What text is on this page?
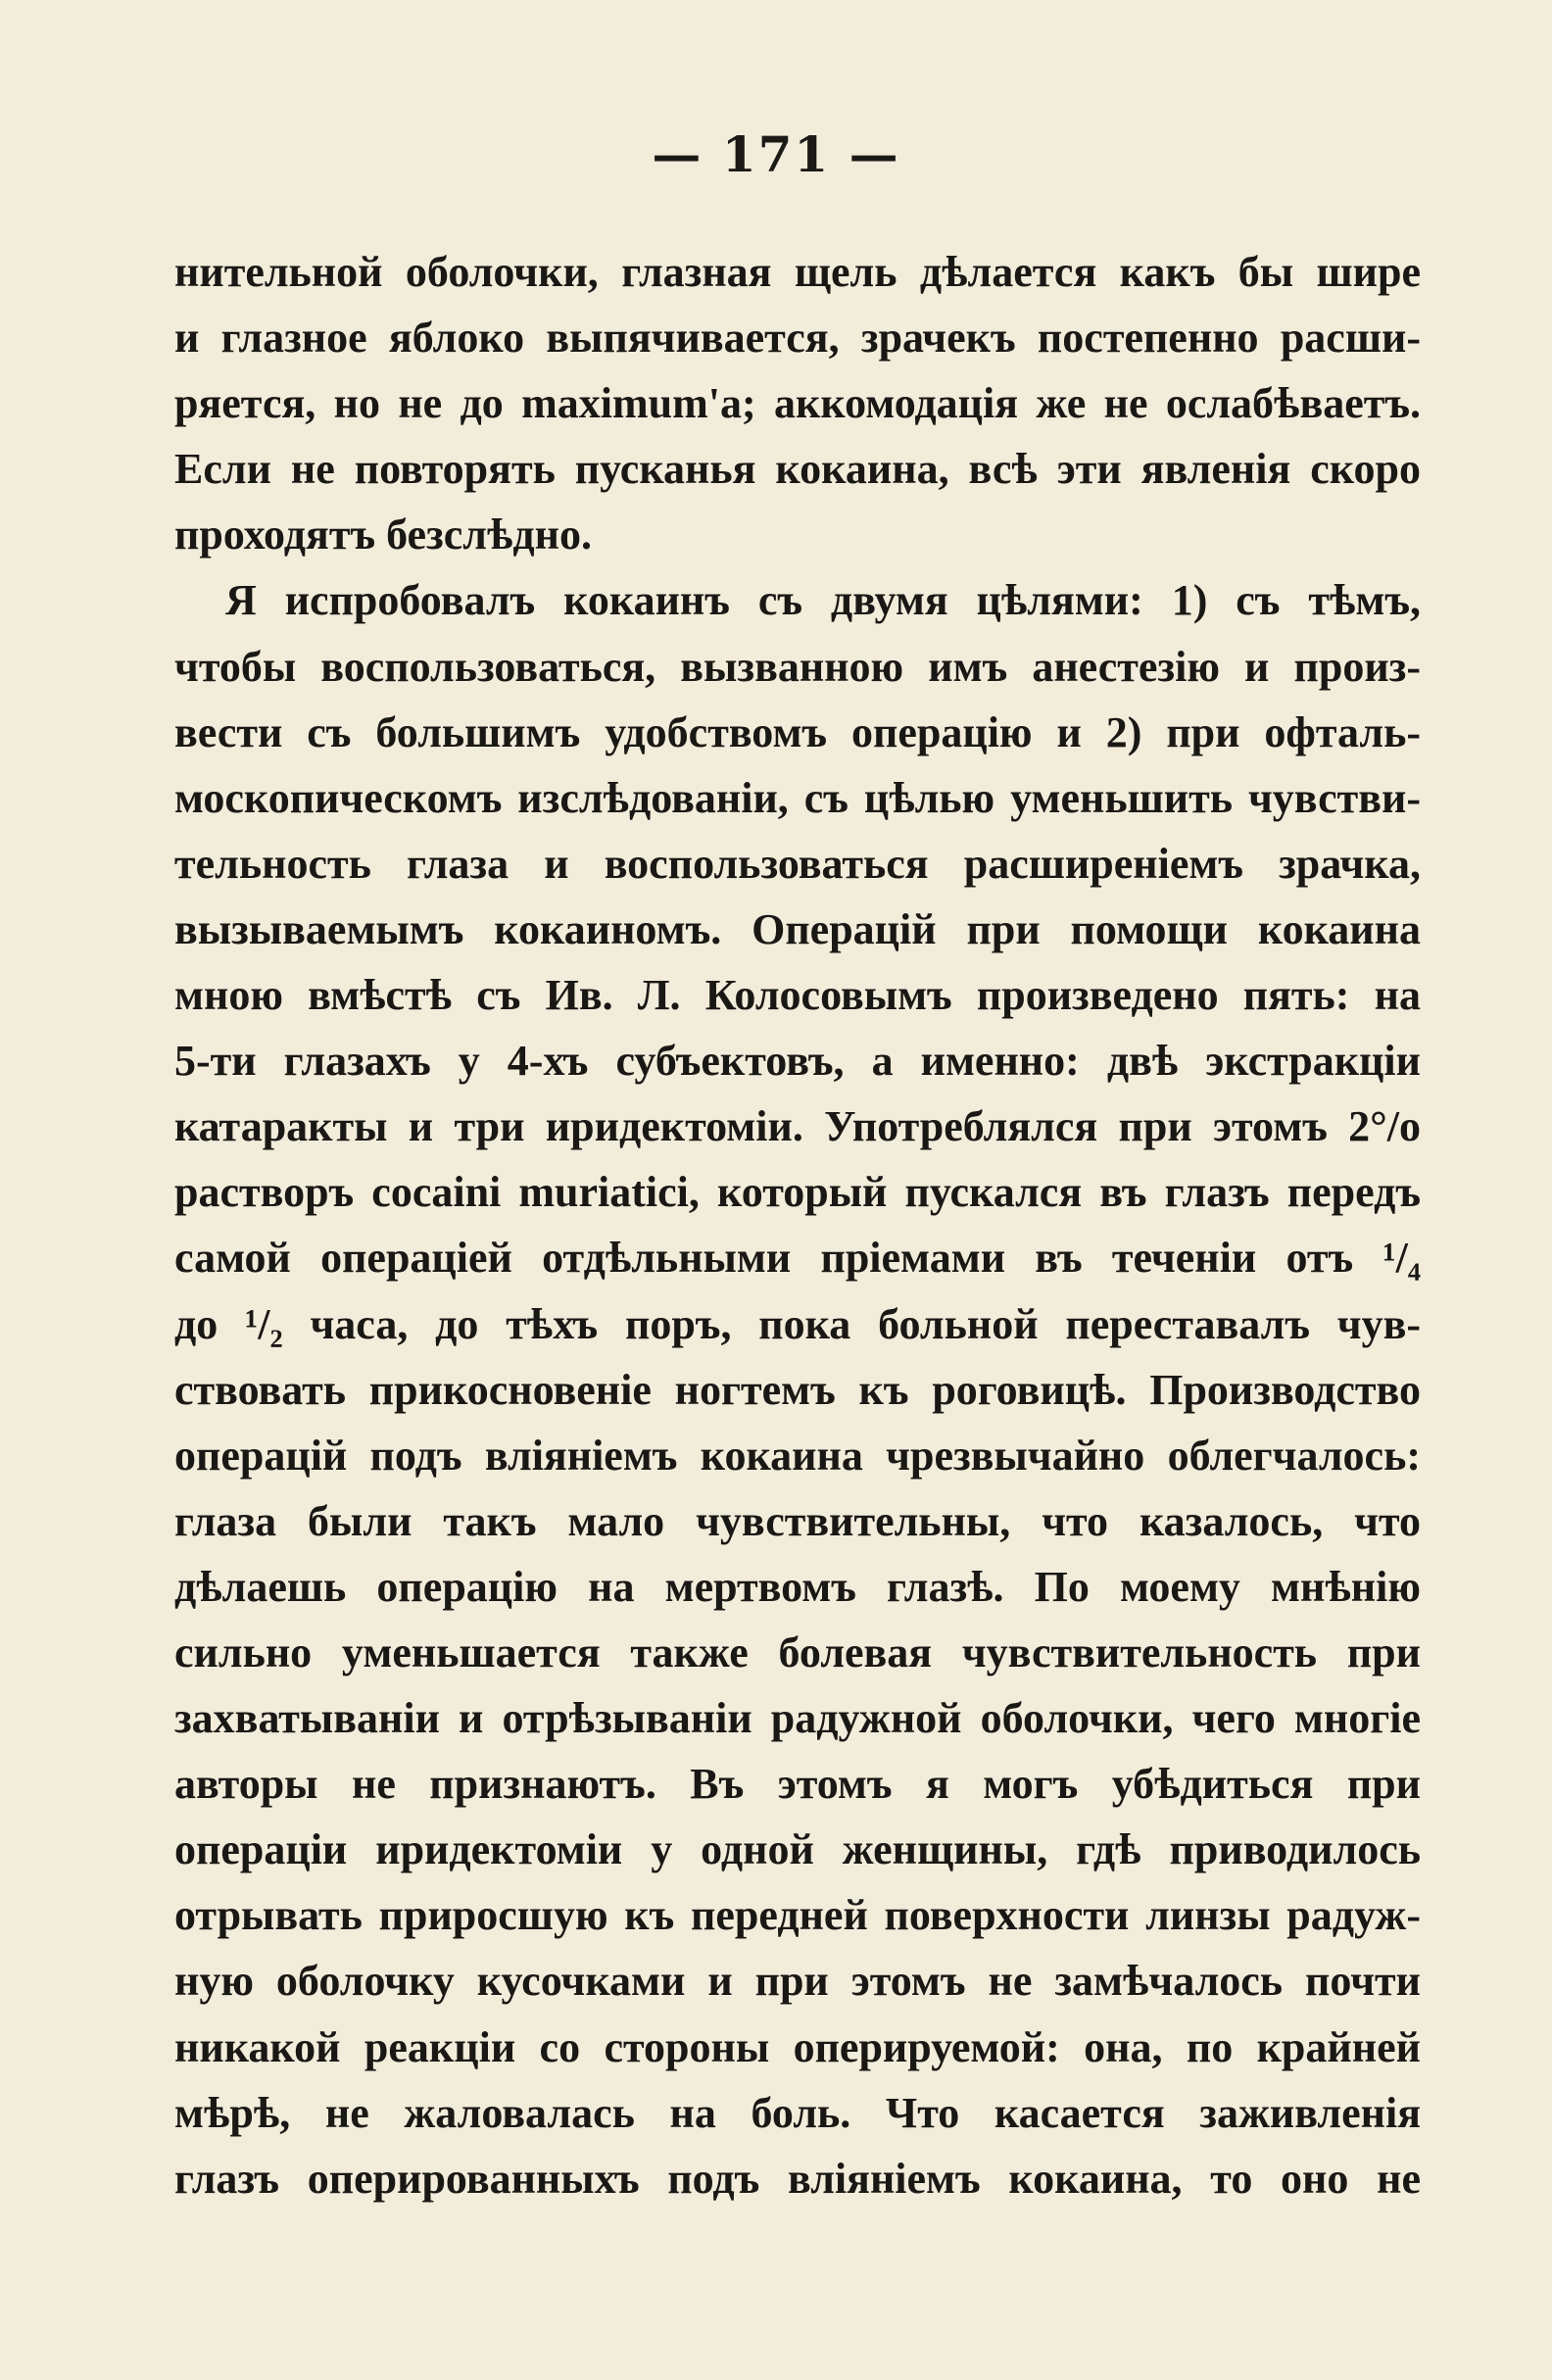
— 171 —
нительной оболочки, глазная щель дѣлается какъ бы шире
и глазное яблоко выпячивается, зрачекъ постепенно расши-
ряется, но не до maximum'а; аккомодація же не ослабѣваетъ.
Если не повторять пусканья кокаина, всѣ эти явленія скоро
проходятъ безслѣдно.
Я испробовалъ кокаинъ съ двумя цѣлями: 1) съ тѣмъ,
чтобы воспользоваться, вызванною имъ анестезію и произ-
вести съ большимъ удобствомъ операцію и 2) при офталь-
москопическомъ изслѣдованіи, съ цѣлью уменьшить чувстви-
тельность глаза и воспользоваться расширеніемъ зрачка,
вызываемымъ кокаиномъ. Операцій при помощи кокаина
мною вмѣстѣ съ Ив. Л. Колосовымъ произведено пять: на
5-ти глазахъ у 4-хъ субъектовъ, а именно: двѣ экстракціи
катаракты и три иридектоміи. Употреблялся при этомъ 2°/о
растворъ cocaini muriatici, который пускался въ глазъ передъ
самой операціей отдѣльными пріемами въ теченіи отъ ¹/₄
до ¹/₂ часа, до тѣхъ поръ, пока больной переставалъ чув-
ствовать прикосновеніе ногтемъ къ роговицѣ. Производство
операцій подъ вліяніемъ кокаина чрезвычайно облегчалось:
глаза были такъ мало чувствительны, что казалось, что
дѣлаешь операцію на мертвомъ глазѣ. По моему мнѣнію
сильно уменьшается также болевая чувствительность при
захватываніи и отрѣзываніи радужной оболочки, чего многіе
авторы не признаютъ. Въ этомъ я могъ убѣдиться при
операціи иридектоміи у одной женщины, гдѣ приводилось
отрывать приросшую къ передней поверхности линзы радуж-
ную оболочку кусочками и при этомъ не замѣчалось почти
никакой реакціи со стороны оперируемой: она, по крайней
мѣрѣ, не жаловалась на боль. Что касается заживленія
глазъ оперированныхъ подъ вліяніемъ кокаина, то оно не
